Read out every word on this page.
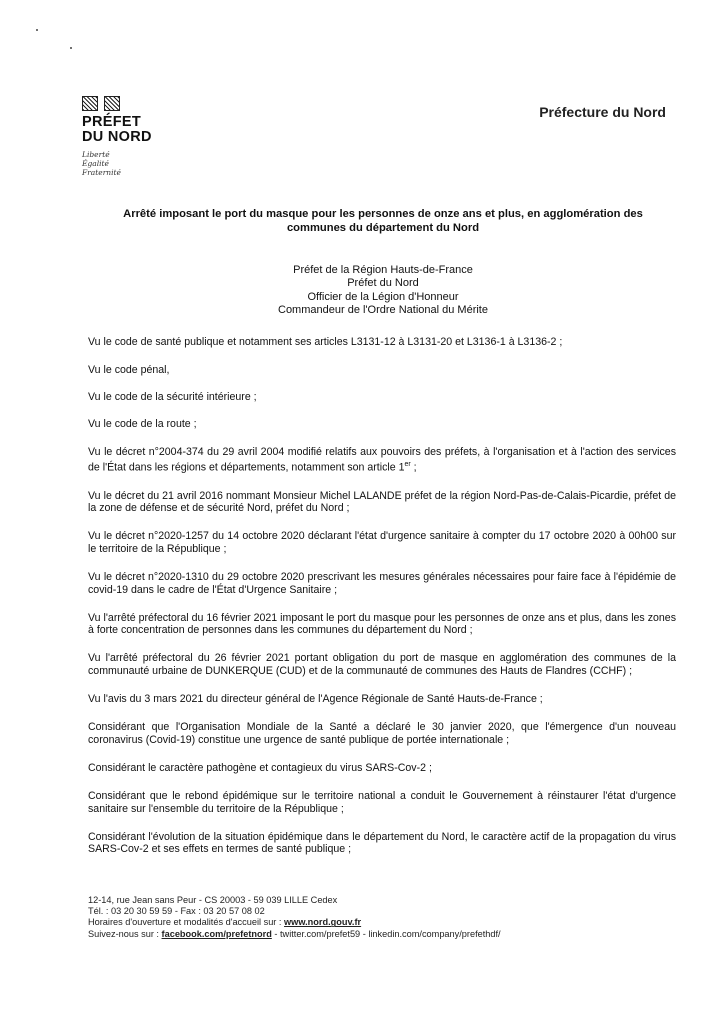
PRÉFET
DU NORD
Liberté
Égalité
Fraternité
Préfecture du Nord
Arrêté imposant le port du masque pour les personnes de onze ans et plus, en agglomération des
communes du département du Nord
Préfet de la Région Hauts-de-France
Préfet du Nord
Officier de la Légion d'Honneur
Commandeur de l'Ordre National du Mérite

Vu le code de santé publique et notamment ses articles L3131-12 à L3131-20 et L3136-1 à L3136-2 ;

Vu le code pénal,

Vu le code de la sécurité intérieure ;

Vu le code de la route ;

Vu le décret n°2004-374 du 29 avril 2004 modifié relatifs aux pouvoirs des préfets, à l'organisation et à l'action des services de l'État dans les régions et départements, notamment son article 1er ;

Vu le décret du 21 avril 2016 nommant Monsieur Michel LALANDE préfet de la région Nord-Pas-de-Calais-Picardie, préfet de la zone de défense et de sécurité Nord, préfet du Nord ;

Vu le décret n°2020-1257 du 14 octobre 2020 déclarant l'état d'urgence sanitaire à compter du 17 octobre 2020 à 00h00 sur le territoire de la République ;

Vu le décret n°2020-1310 du 29 octobre 2020 prescrivant les mesures générales nécessaires pour faire face à l'épidémie de covid-19 dans le cadre de l'État d'Urgence Sanitaire ;

Vu l'arrêté préfectoral du 16 février 2021 imposant le port du masque pour les personnes de onze ans et plus, dans les zones à forte concentration de personnes dans les communes du département du Nord ;

Vu l'arrêté préfectoral du 26 février 2021 portant obligation du port de masque en agglomération des communes de la communauté urbaine de DUNKERQUE (CUD) et de la communauté de communes des Hauts de Flandres (CCHF) ;

Vu l'avis du 3 mars 2021 du directeur général de l'Agence Régionale de Santé Hauts-de-France ;

Considérant que l'Organisation Mondiale de la Santé a déclaré le 30 janvier 2020, que l'émergence d'un nouveau coronavirus (Covid-19) constitue une urgence de santé publique de portée internationale ;

Considérant le caractère pathogène et contagieux du virus SARS-Cov-2 ;

Considérant que le rebond épidémique sur le territoire national a conduit le Gouvernement à réinstaurer l'état d'urgence sanitaire sur l'ensemble du territoire de la République ;

Considérant l'évolution de la situation épidémique dans le département du Nord, le caractère actif de la propagation du virus SARS-Cov-2 et ses effets en termes de santé publique ;

12-14, rue Jean sans Peur - CS 20003 - 59 039 LILLE Cedex
Tél. : 03 20 30 59 59 - Fax : 03 20 57 08 02
Horaires d'ouverture et modalités d'accueil sur : www.nord.gouv.fr
Suivez-nous sur : facebook.com/prefetnord - twitter.com/prefet59 - linkedin.com/company/prefethdf/
